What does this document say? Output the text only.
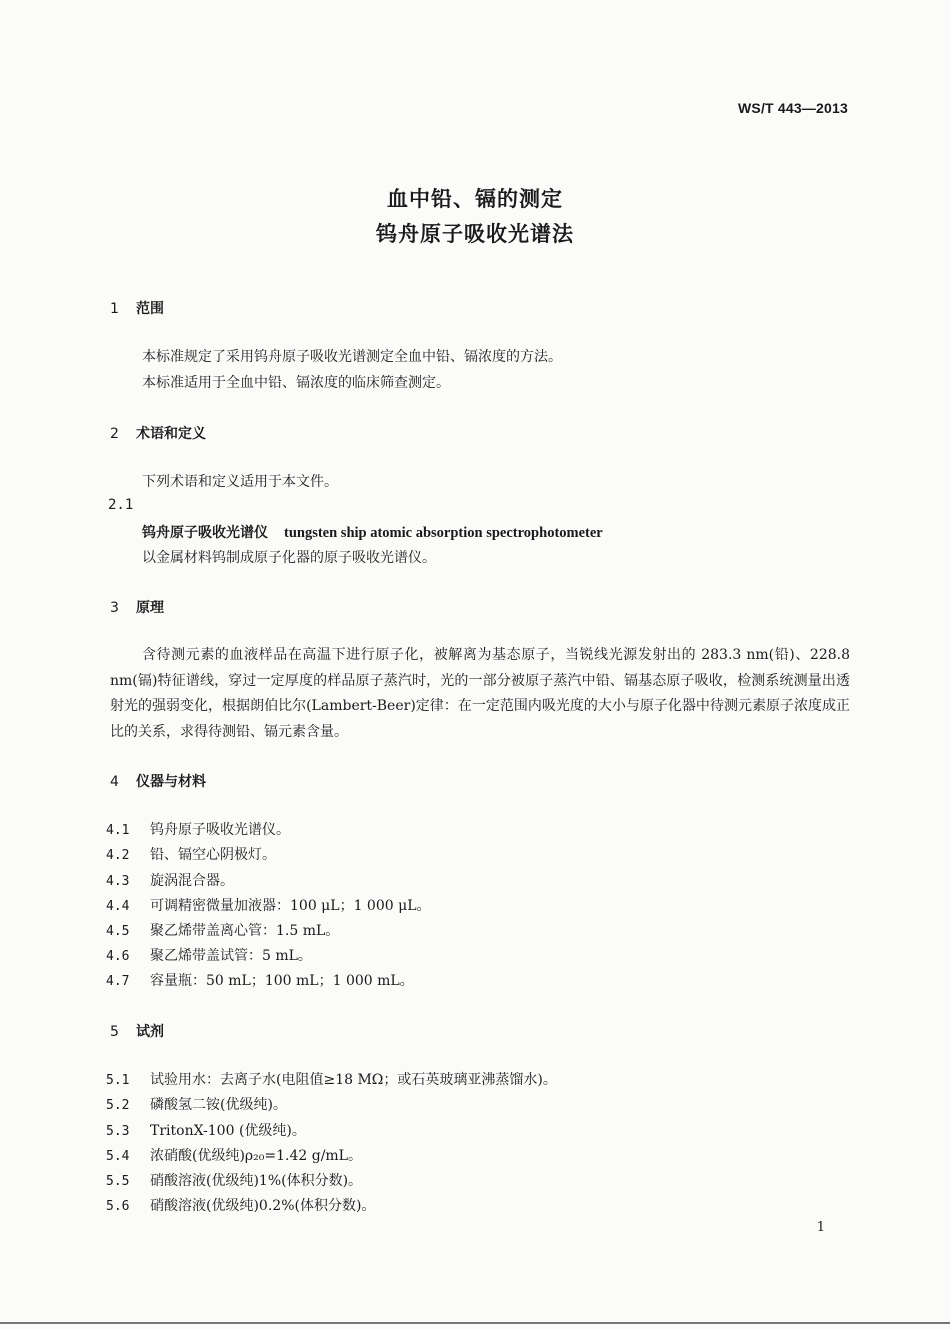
WS/T 443—2013
血中铅、镉的测定
钨舟原子吸收光谱法
1 范围
本标准规定了采用钨舟原子吸收光谱测定全血中铅、镉浓度的方法。
本标准适用于全血中铅、镉浓度的临床筛查测定。
2 术语和定义
下列术语和定义适用于本文件。
2.1
钨舟原子吸收光谱仪 tungsten ship atomic absorption spectrophotometer
以金属材料钨制成原子化器的原子吸收光谱仪。
3 原理
含待测元素的血液样品在高温下进行原子化，被解离为基态原子，当锐线光源发射出的 283.3 nm(铅)、228.8 nm(镉)特征谱线，穿过一定厚度的样品原子蒸汽时，光的一部分被原子蒸汽中铅、镉基态原子吸收，检测系统测量出透射光的强弱变化，根据朗伯比尔(Lambert-Beer)定律：在一定范围内吸光度的大小与原子化器中待测元素原子浓度成正比的关系，求得待测铅、镉元素含量。
4 仪器与材料
4.1 钨舟原子吸收光谱仪。
4.2 铅、镉空心阴极灯。
4.3 旋涡混合器。
4.4 可调精密微量加液器：100 μL；1 000 μL。
4.5 聚乙烯带盖离心管：1.5 mL。
4.6 聚乙烯带盖试管：5 mL。
4.7 容量瓶：50 mL；100 mL；1 000 mL。
5 试剂
5.1 试验用水：去离子水(电阻值≥18 MΩ；或石英玻璃亚沸蒸馏水)。
5.2 磷酸氢二铵(优级纯)。
5.3 TritonX-100 (优级纯)。
5.4 浓硝酸(优级纯)ρ₂₀=1.42 g/mL。
5.5 硝酸溶液(优级纯)1%(体积分数)。
5.6 硝酸溶液(优级纯)0.2%(体积分数)。
1
